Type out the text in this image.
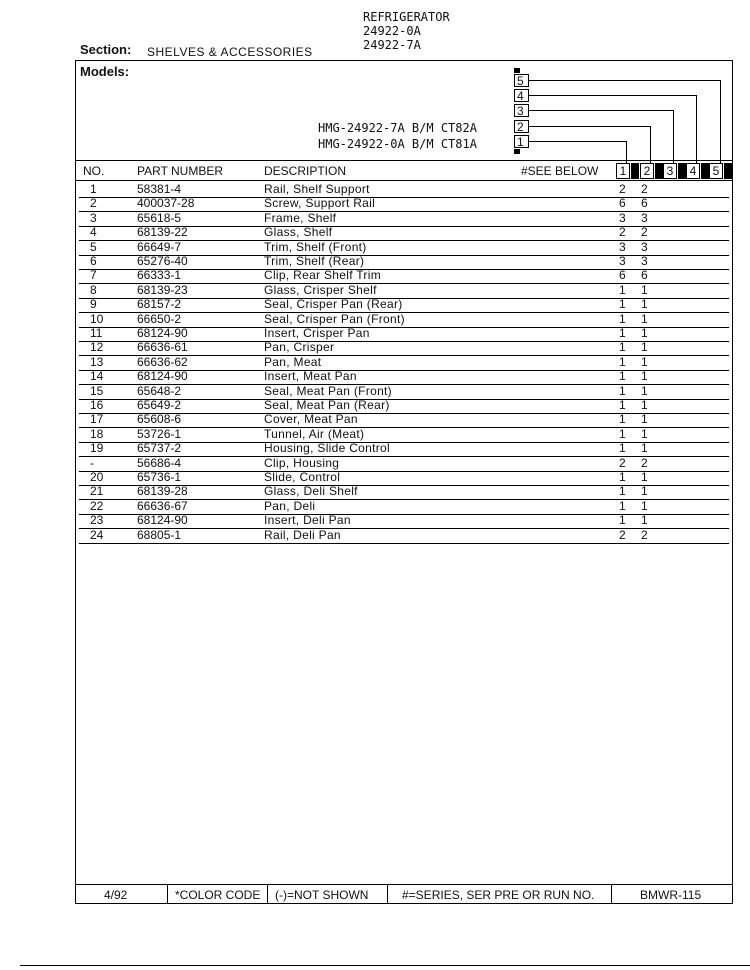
REFRIGERATOR
24922-0A
24922-7A
Section: SHELVES & ACCESSORIES
Models:
HMG-24922-7A B/M CT82A
HMG-24922-0A B/M CT81A
5
4
3
2
1
NO.	PART NUMBER	DESCRIPTION	#SEE BELOW	1	2	3	4	5
1	58381-4	Rail, Shelf Support	2 2
2	400037-28	Screw, Support Rail	6 6
3	65618-5	Frame, Shelf	3 3
4	68139-22	Glass, Shelf	2 2
5	66649-7	Trim, Shelf (Front)	3 3
6	65276-40	Trim, Shelf (Rear)	3 3
7	66333-1	Clip, Rear Shelf Trim	6 6
8	68139-23	Glass, Crisper Shelf	1 1
9	68157-2	Seal, Crisper Pan (Rear)	1 1
10	66650-2	Seal, Crisper Pan (Front)	1 1
11	68124-90	Insert, Crisper Pan	1 1
12	66636-61	Pan, Crisper	1 1
13	66636-62	Pan, Meat	1 1
14	68124-90	Insert, Meat Pan	1 1
15	65648-2	Seal, Meat Pan (Front)	1 1
16	65649-2	Seal, Meat Pan (Rear)	1 1
17	65608-6	Cover, Meat Pan	1 1
18	53726-1	Tunnel, Air (Meat)	1 1
19	65737-2	Housing, Slide Control	1 1
-	56686-4	Clip, Housing	2 2
20	65736-1	Slide, Control	1 1
21	68139-28	Glass, Deli Shelf	1 1
22	66636-67	Pan, Deli	1 1
23	68124-90	Insert, Deli Pan	1 1
24	68805-1	Rail, Deli Pan	2 2
4/92	*COLOR CODE (-)=NOT SHOWN	#=SERIES, SER PRE OR RUN NO.	BMWR-115
